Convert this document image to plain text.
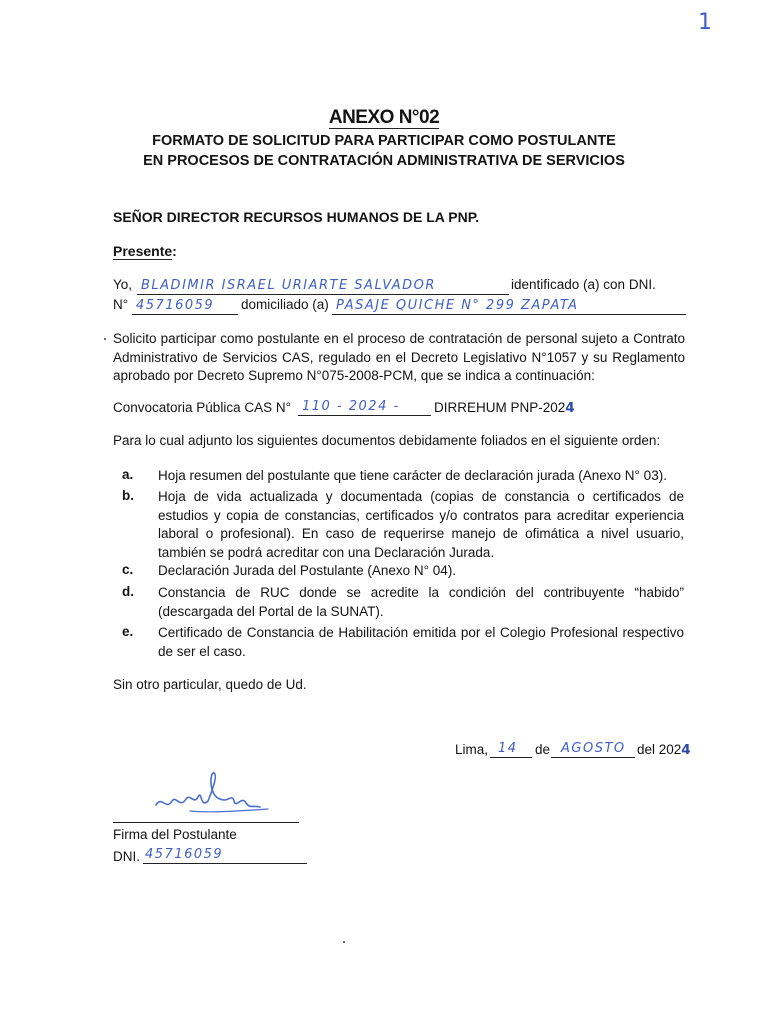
1
ANEXO N°02
FORMATO DE SOLICITUD PARA PARTICIPAR COMO POSTULANTE
EN PROCESOS DE CONTRATACIÓN ADMINISTRATIVA DE SERVICIOS
SEÑOR DIRECTOR RECURSOS HUMANOS DE LA PNP.
Presente:
Yo, BLADIMIR ISRAEL URIARTE SALVADOR	identificado (a) con DNI.
N° 45716059 domiciliado (a) PASAJE QUICHE N° 299 ZAPATA
Solicito participar como postulante en el proceso de contratación de personal sujeto a Contrato Administrativo de Servicios CAS, regulado en el Decreto Legislativo N°1057 y su Reglamento aprobado por Decreto Supremo N°075-2008-PCM, que se indica a continuación:
Convocatoria Pública CAS N° 110 - 2024 -	DIRREHUM PNP-2024
Para lo cual adjunto los siguientes documentos debidamente foliados en el siguiente orden:
a. Hoja resumen del postulante que tiene carácter de declaración jurada (Anexo N° 03).
b. Hoja de vida actualizada y documentada (copias de constancia o certificados de estudios y copia de constancias, certificados y/o contratos para acreditar experiencia laboral o profesional). En caso de requerirse manejo de ofimática a nivel usuario, también se podrá acreditar con una Declaración Jurada.
c. Declaración Jurada del Postulante (Anexo N° 04).
d. Constancia de RUC donde se acredite la condición del contribuyente “habido” (descargada del Portal de la SUNAT).
e. Certificado de Constancia de Habilitación emitida por el Colegio Profesional respectivo de ser el caso.
Sin otro particular, quedo de Ud.
Lima, 14 de AGOSTO del 2024
Firma del Postulante
DNI. 45716059
